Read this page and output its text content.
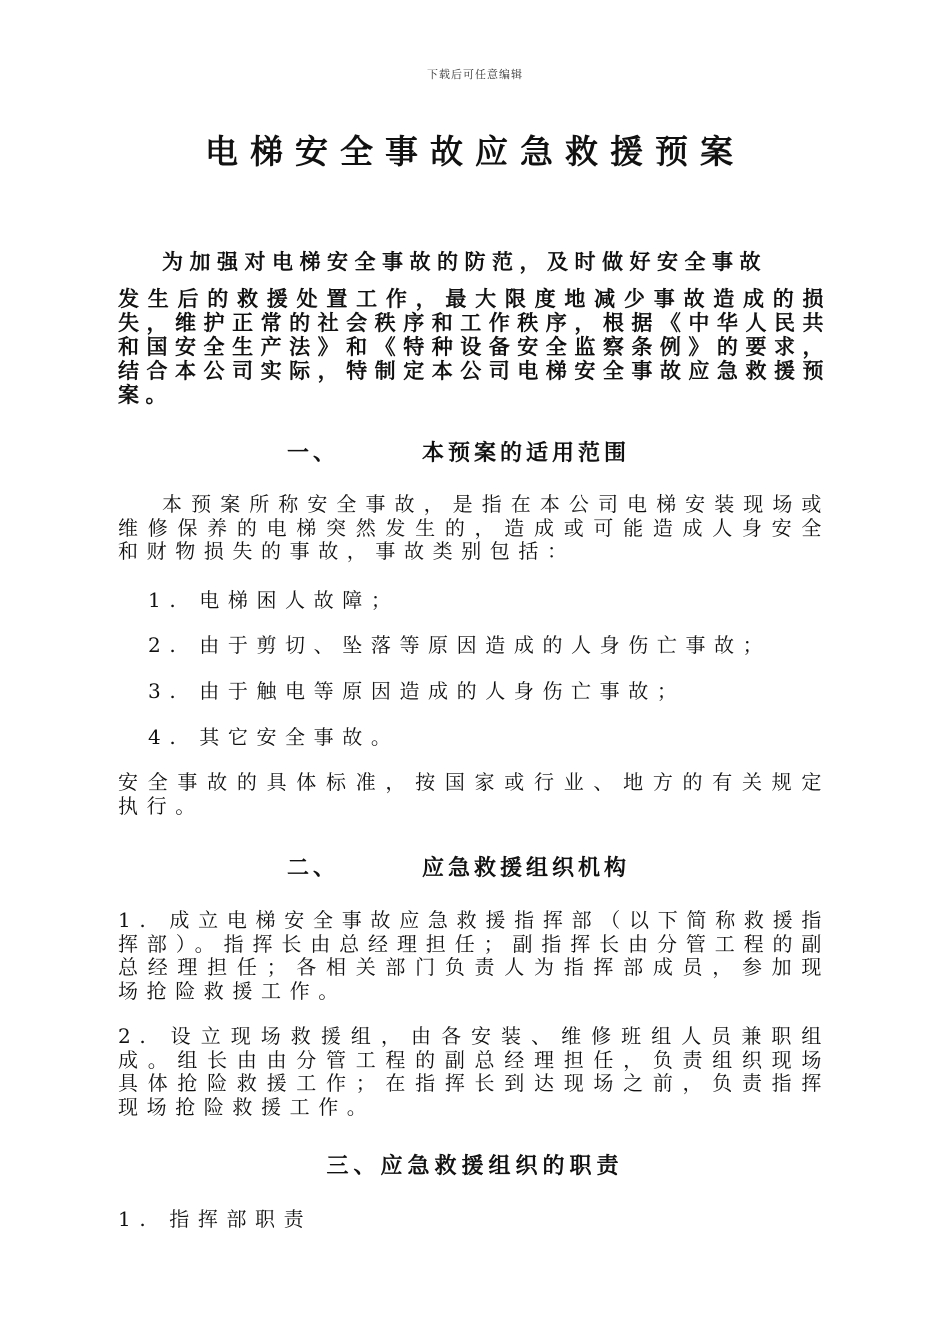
下载后可任意编辑
电梯安全事故应急救援预案
为加强对电梯安全事故的防范，及时做好安全事故
发生后的救援处置工作，最大限度地减少事故造成的损失，维护正常的社会秩序和工作秩序，根据《中华人民共和国安全生产法》和《特种设备安全监察条例》的要求，结合本公司实际，特制定本公司电梯安全事故应急救援预案。
一、	本预案的适用范围
本预案所称安全事故，是指在本公司电梯安装现场或维修保养的电梯突然发生的，造成或可能造成人身安全和财物损失的事故，事故类别包括：
1. 电梯困人故障；
2. 由于剪切、坠落等原因造成的人身伤亡事故；
3. 由于触电等原因造成的人身伤亡事故；
4. 其它安全事故。
安全事故的具体标准，按国家或行业、地方的有关规定执行。
二、	应急救援组织机构
1. 成立电梯安全事故应急救援指挥部（以下简称救援指挥部）。指挥长由总经理担任；副指挥长由分管工程的副总经理担任；各相关部门负责人为指挥部成员，参加现场抢险救援工作。
2. 设立现场救援组，由各安装、维修班组人员兼职组成。组长由由分管工程的副总经理担任，负责组织现场具体抢险救援工作；在指挥长到达现场之前，负责指挥现场抢险救援工作。
三、应急救援组织的职责
1. 指挥部职责
